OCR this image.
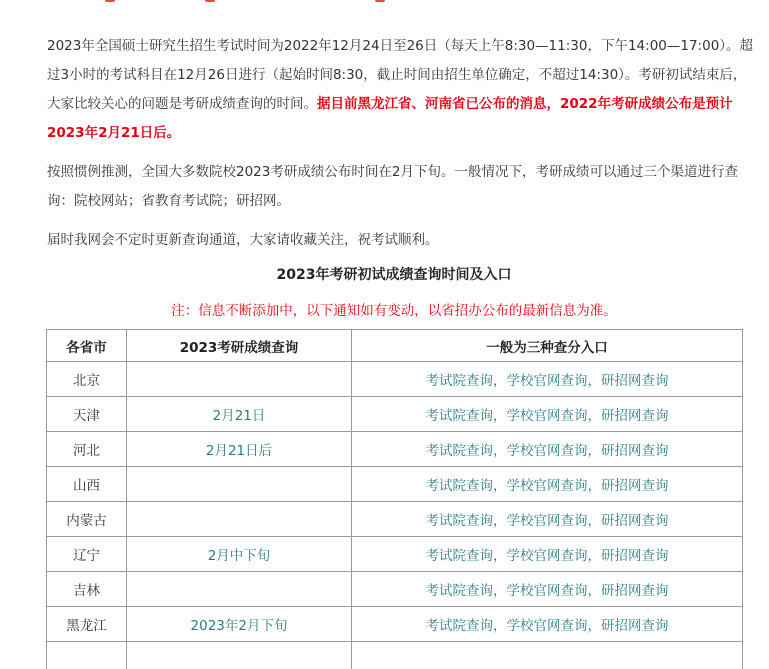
2023年全国硕士研究生招生考试时间为2022年12月24日至26日（每天上午8:30—11:30，下午14:00—17:00）。超过3小时的考试科目在12月26日进行（起始时间8:30，截止时间由招生单位确定，不超过14:30）。考研初试结束后，大家比较关心的问题是考研成绩查询的时间。据目前黑龙江省、河南省已公布的消息，2022年考研成绩公布是预计2023年2月21日后。

按照惯例推测，全国大多数院校2023考研成绩公布时间在2月下旬。一般情况下，考研成绩可以通过三个渠道进行查询：院校网站；省教育考试院；研招网。

届时我网会不定时更新查询通道，大家请收藏关注，祝考试顺利。

2023年考研初试成绩查询时间及入口
注：信息不断添加中，以下通知如有变动，以省招办公布的最新信息为准。
各省市	2023考研成绩查询	一般为三种查分入口
北京		考试院查询，学校官网查询，研招网查询
天津	2月21日	考试院查询，学校官网查询，研招网查询
河北	2月21日后	考试院查询，学校官网查询，研招网查询
山西		考试院查询，学校官网查询，研招网查询
内蒙古		考试院查询，学校官网查询，研招网查询
辽宁	2月中下旬	考试院查询，学校官网查询，研招网查询
吉林		考试院查询，学校官网查询，研招网查询
黑龙江	2023年2月下旬	考试院查询，学校官网查询，研招网查询
